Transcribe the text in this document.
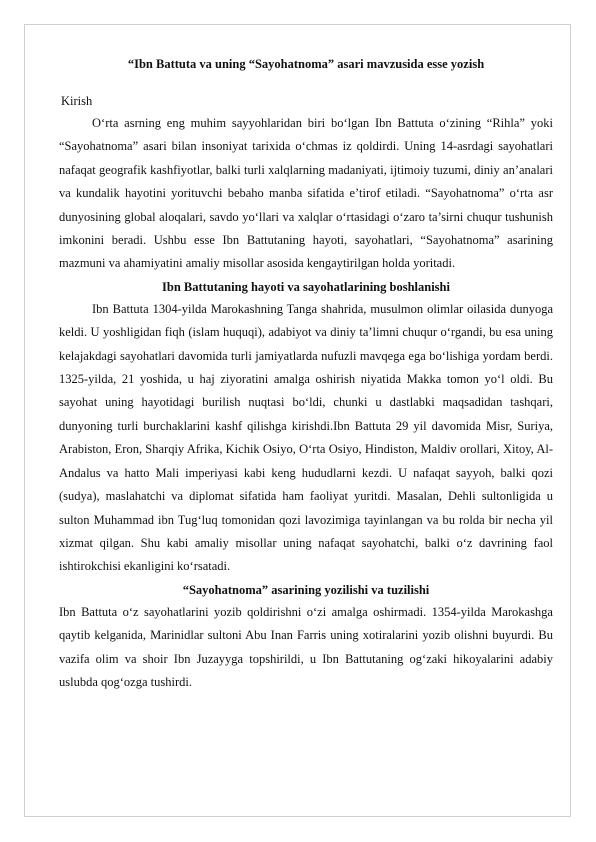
“Ibn Battuta va uning “Sayohatnoma” asari mavzusida esse yozish

Kirish

O‘rta asrning eng muhim sayyohlaridan biri bo‘lgan Ibn Battuta o‘zining “Rihla” yoki “Sayohatnoma” asari bilan insoniyat tarixida o‘chmas iz qoldirdi. Uning 14-asrdagi sayohatlari nafaqat geografik kashfiyotlar, balki turli xalqlarning madaniyati, ijtimoiy tuzumi, diniy an’analari va kundalik hayotini yorituvchi bebaho manba sifatida e’tirof etiladi. “Sayohatnoma” o‘rta asr dunyosining global aloqalari, savdo yo‘llari va xalqlar o‘rtasidagi o‘zaro ta’sirni chuqur tushunish imkonini beradi. Ushbu esse Ibn Battutaning hayoti, sayohatlari, “Sayohatnoma” asarining mazmuni va ahamiyatini amaliy misollar asosida kengaytirilgan holda yoritadi.

Ibn Battutaning hayoti va sayohatlarining boshlanishi

Ibn Battuta 1304-yilda Marokashning Tanga shahrida, musulmon olimlar oilasida dunyoga keldi. U yoshligidan fiqh (islam huquqi), adabiyot va diniy ta’limni chuqur o‘rgandi, bu esa uning kelajakdagi sayohatlari davomida turli jamiyatlarda nufuzli mavqega ega bo‘lishiga yordam berdi. 1325-yilda, 21 yoshida, u haj ziyoratini amalga oshirish niyatida Makka tomon yo‘l oldi. Bu sayohat uning hayotidagi burilish nuqtasi bo‘ldi, chunki u dastlabki maqsadidan tashqari, dunyoning turli burchaklarini kashf qilishga kirishdi.Ibn Battuta 29 yil davomida Misr, Suriya, Arabiston, Eron, Sharqiy Afrika, Kichik Osiyo, O‘rta Osiyo, Hindiston, Maldiv orollari, Xitoy, Al-Andalus va hatto Mali imperiyasi kabi keng hududlarni kezdi. U nafaqat sayyoh, balki qozi (sudya), maslahatchi va diplomat sifatida ham faoliyat yuritdi. Masalan, Dehli sultonligida u sulton Muhammad ibn Tug‘luq tomonidan qozi lavozimiga tayinlangan va bu rolda bir necha yil xizmat qilgan. Shu kabi amaliy misollar uning nafaqat sayohatchi, balki o‘z davrining faol ishtirokchisi ekanligini ko‘rsatadi.

“Sayohatnoma” asarining yozilishi va tuzilishi

Ibn Battuta o‘z sayohatlarini yozib qoldirishni o‘zi amalga oshirmadi. 1354-yilda Marokashga qaytib kelganida, Marinidlar sultoni Abu Inan Farris uning xotiralarini yozib olishni buyurdi. Bu vazifa olim va shoir Ibn Juzayyga topshirildi, u Ibn Battutaning og‘zaki hikoyalarini adabiy uslubda qog‘ozga tushirdi.
